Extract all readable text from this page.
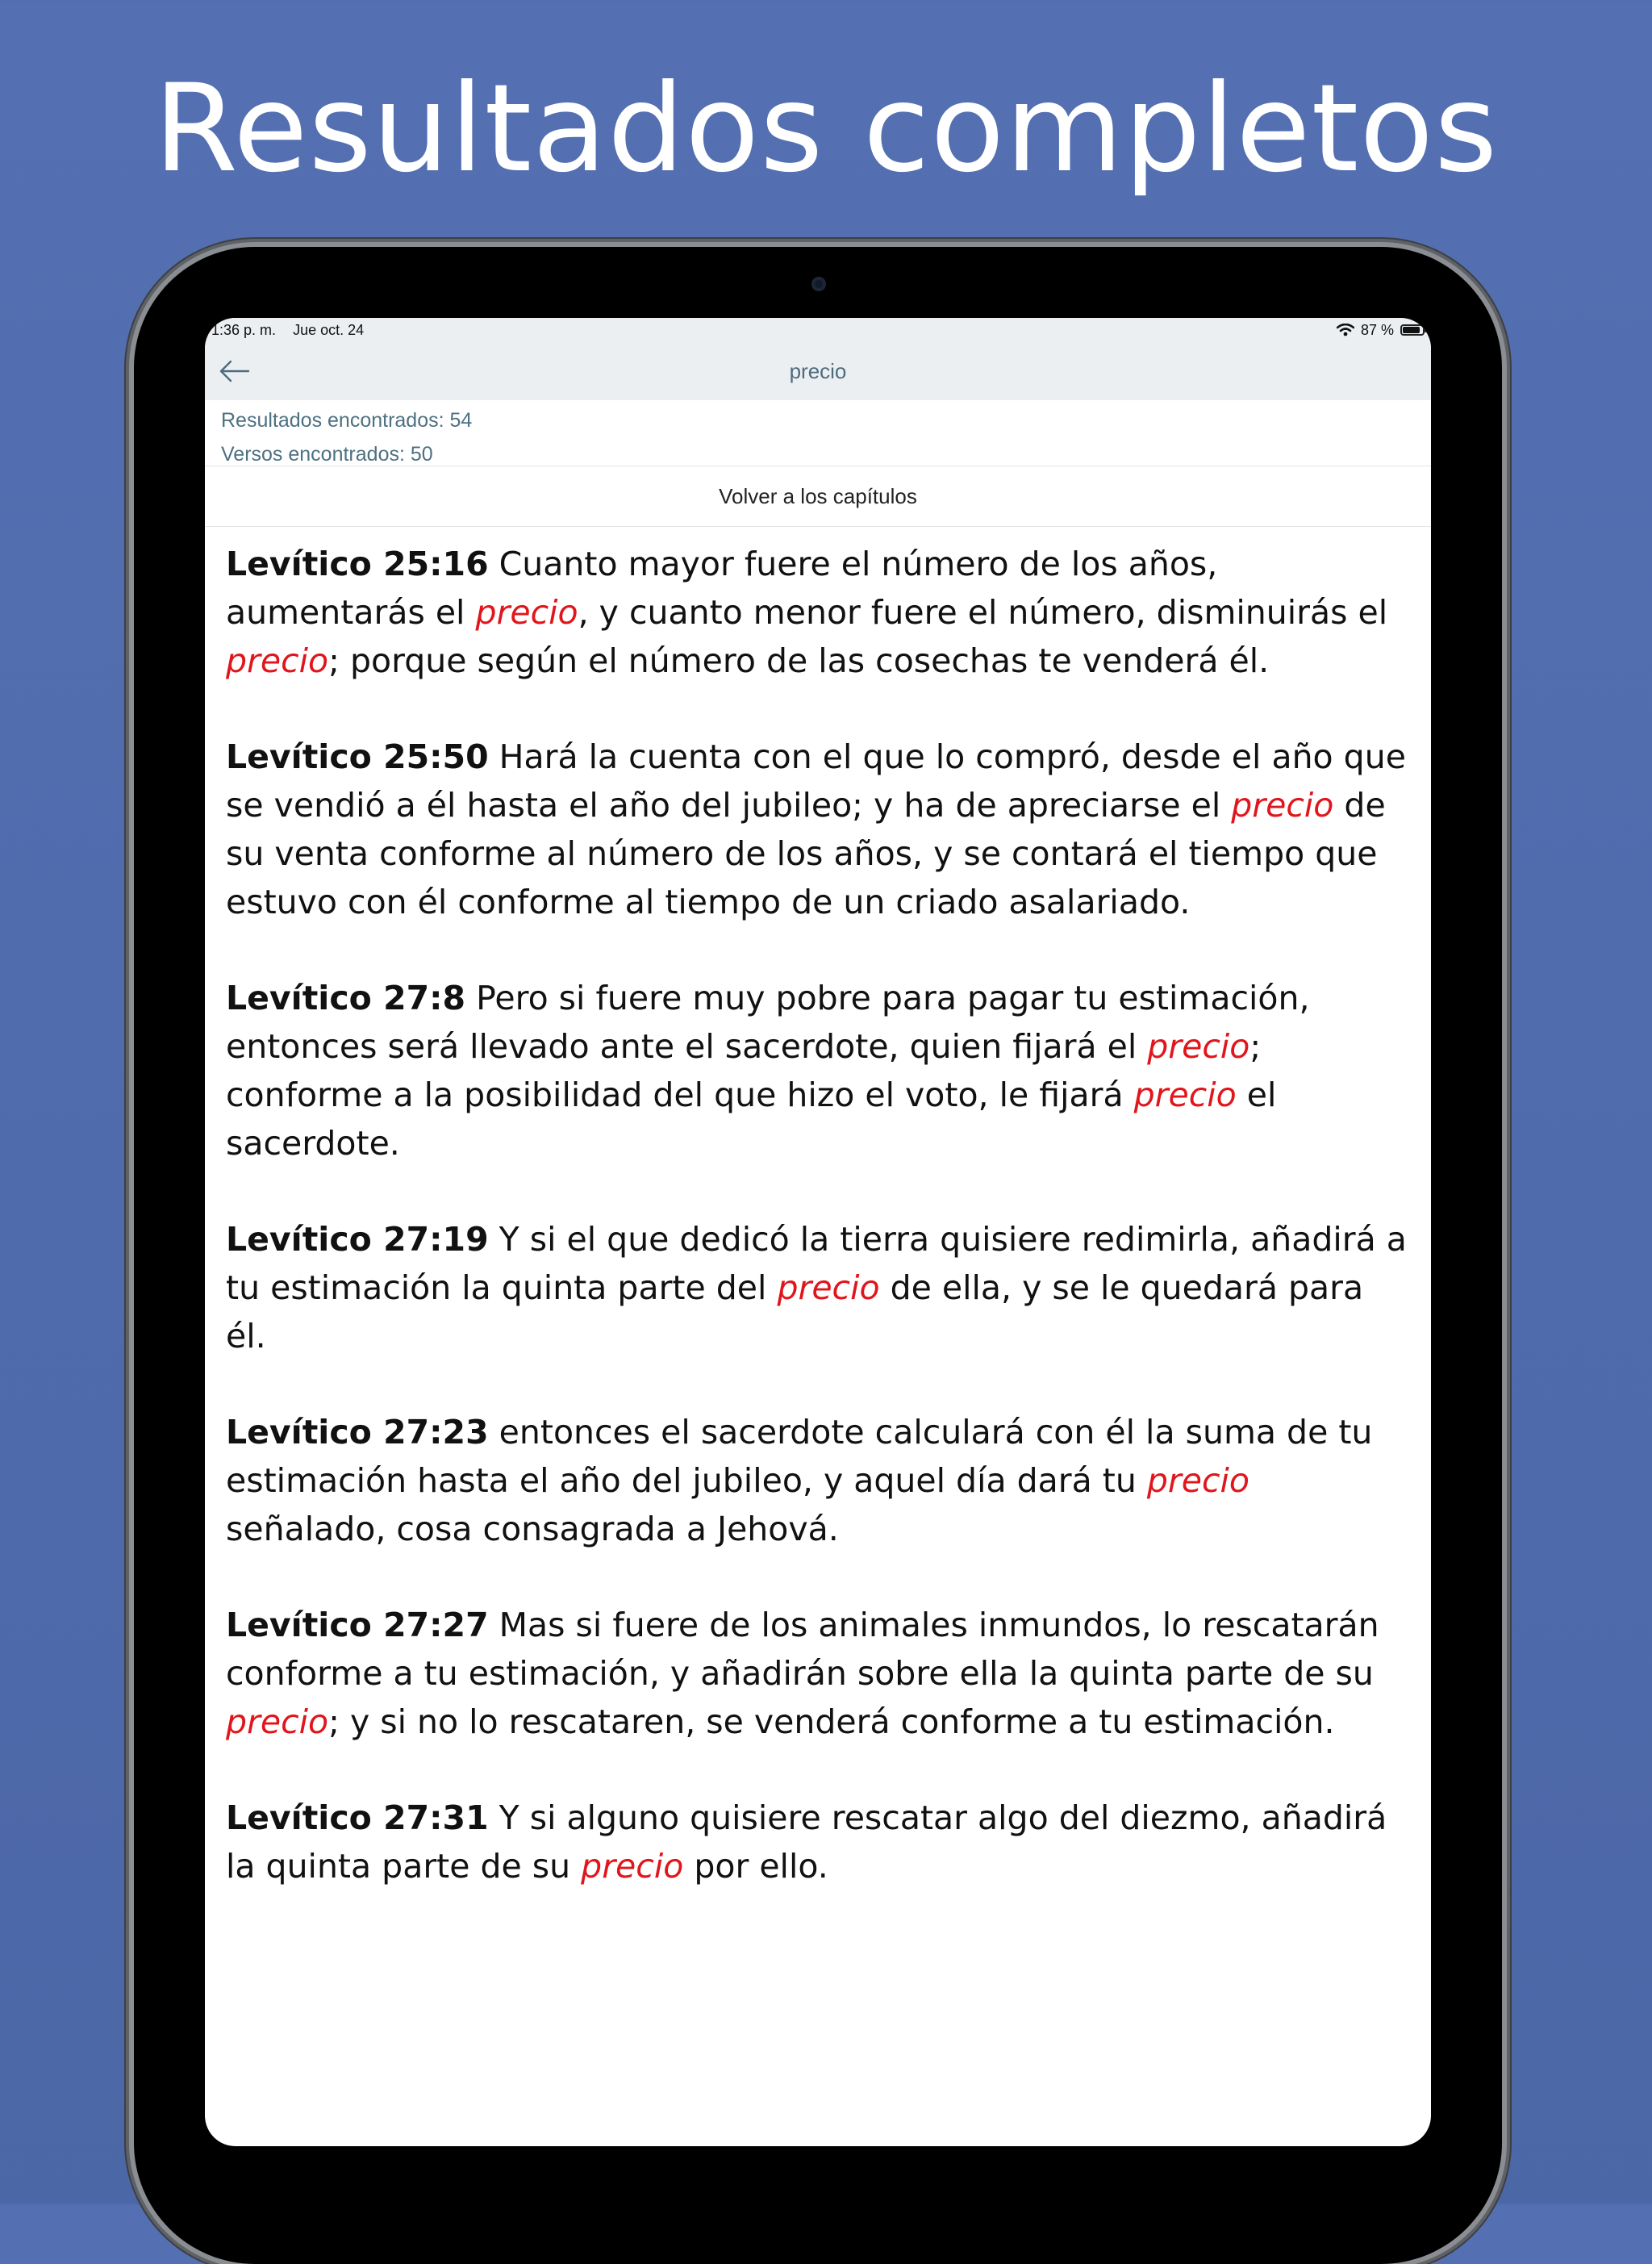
Resultados completos
1:36 p. m. Jue oct. 24	87 %
precio
Resultados encontrados: 54
Versos encontrados: 50
Volver a los capítulos

Levítico 25:16 Cuanto mayor fuere el número de los años, aumentarás el precio, y cuanto menor fuere el número, disminuirás el precio; porque según el número de las cosechas te venderá él.

Levítico 25:50 Hará la cuenta con el que lo compró, desde el año que se vendió a él hasta el año del jubileo; y ha de apreciarse el precio de su venta conforme al número de los años, y se contará el tiempo que estuvo con él conforme al tiempo de un criado asalariado.

Levítico 27:8 Pero si fuere muy pobre para pagar tu estimación, entonces será llevado ante el sacerdote, quien fijará el precio; conforme a la posibilidad del que hizo el voto, le fijará precio el sacerdote.

Levítico 27:19 Y si el que dedicó la tierra quisiere redimirla, añadirá a tu estimación la quinta parte del precio de ella, y se le quedará para él.

Levítico 27:23 entonces el sacerdote calculará con él la suma de tu estimación hasta el año del jubileo, y aquel día dará tu precio señalado, cosa consagrada a Jehová.

Levítico 27:27 Mas si fuere de los animales inmundos, lo rescatarán conforme a tu estimación, y añadirán sobre ella la quinta parte de su precio; y si no lo rescataren, se venderá conforme a tu estimación.

Levítico 27:31 Y si alguno quisiere rescatar algo del diezmo, añadirá la quinta parte de su precio por ello.
